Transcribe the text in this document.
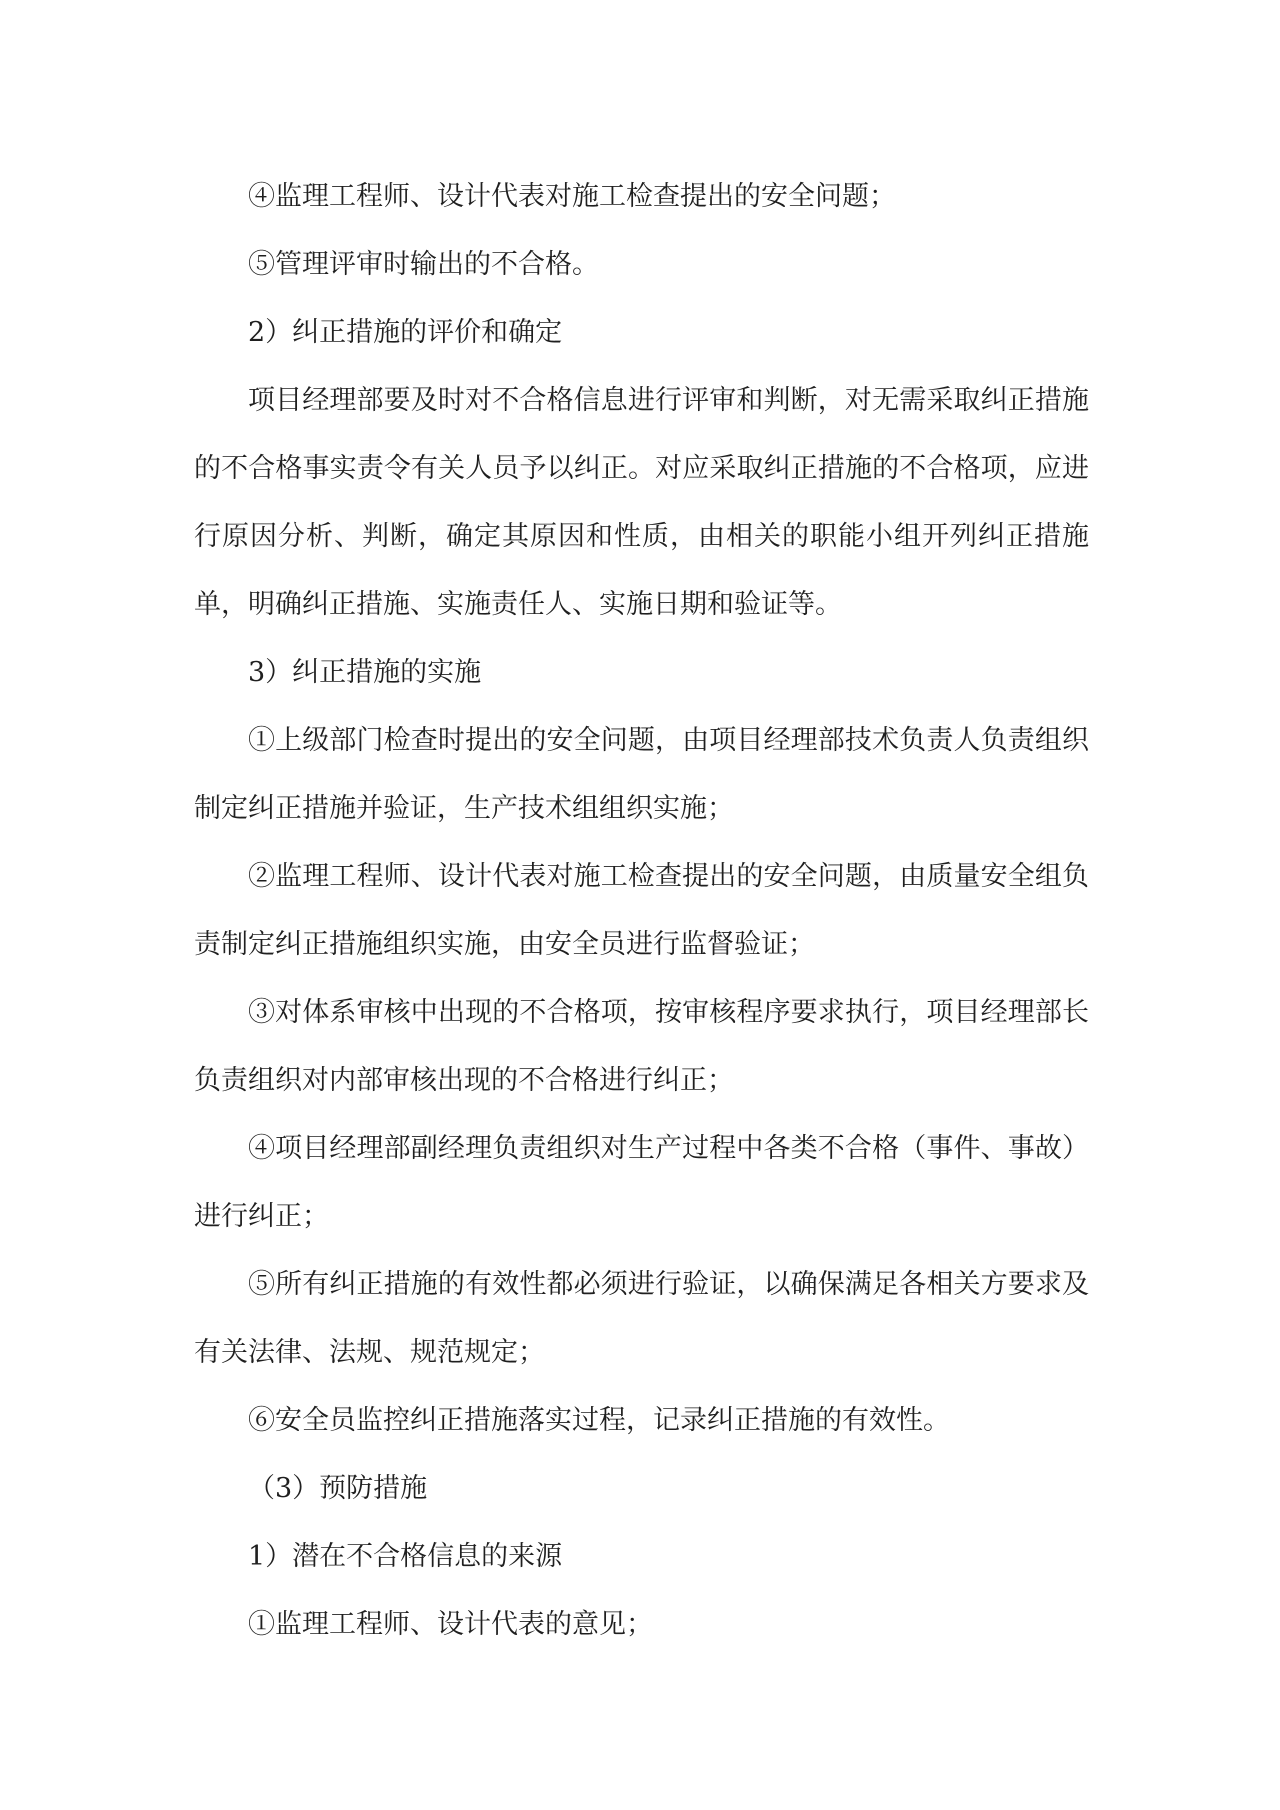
④监理工程师、设计代表对施工检查提出的安全问题；

⑤管理评审时输出的不合格。

2）纠正措施的评价和确定

项目经理部要及时对不合格信息进行评审和判断，对无需采取纠正措施的不合格事实责令有关人员予以纠正。对应采取纠正措施的不合格项，应进行原因分析、判断，确定其原因和性质，由相关的职能小组开列纠正措施单，明确纠正措施、实施责任人、实施日期和验证等。

3）纠正措施的实施

①上级部门检查时提出的安全问题，由项目经理部技术负责人负责组织制定纠正措施并验证，生产技术组组织实施；

②监理工程师、设计代表对施工检查提出的安全问题，由质量安全组负责制定纠正措施组织实施，由安全员进行监督验证；

③对体系审核中出现的不合格项，按审核程序要求执行，项目经理部长负责组织对内部审核出现的不合格进行纠正；

④项目经理部副经理负责组织对生产过程中各类不合格（事件、事故）进行纠正；

⑤所有纠正措施的有效性都必须进行验证，以确保满足各相关方要求及有关法律、法规、规范规定；

⑥安全员监控纠正措施落实过程，记录纠正措施的有效性。

（3）预防措施

1）潜在不合格信息的来源

①监理工程师、设计代表的意见；
